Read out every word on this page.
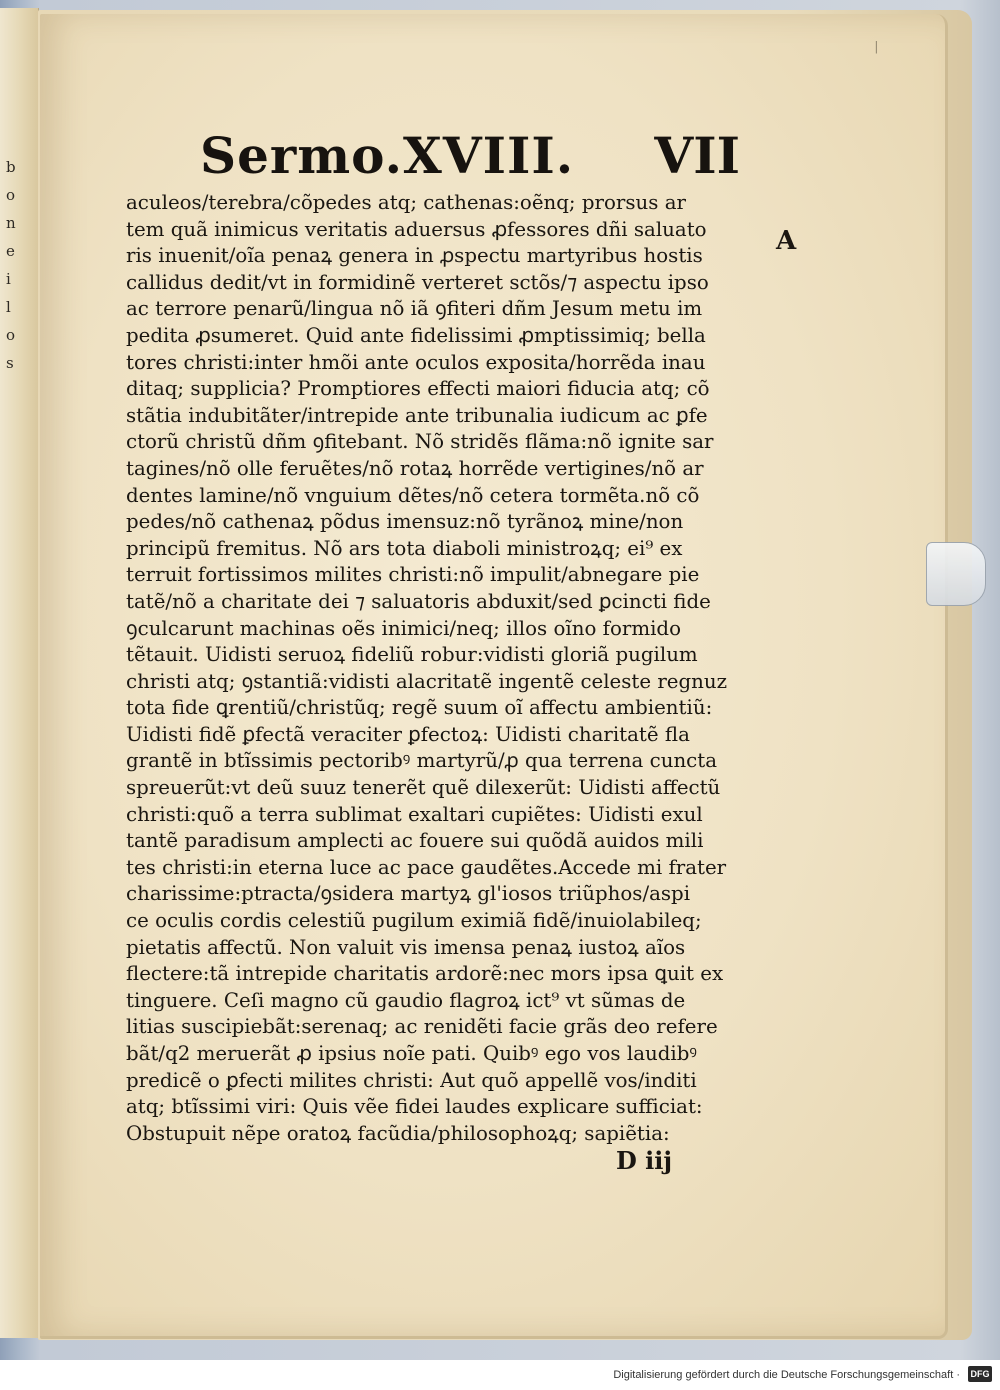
b
o
n
e
i
l
o
s
ᛁ
Sermo.XVIII. VII
A
aculeos/terebra/cõpedes atq; cathenas:oẽnq; prorsus ar
tem quã inimicus veritatis aduersus ꝓfessores dñi saluato
ris inuenit/oĩa penaꝝ genera in ꝓspectu martyribus hostis
callidus dedit/vt in formidinẽ verteret sctõs/⁊ aspectu ipso
ac terrore penarũ/lingua nõ iã ꝯfiteri dñm Jesum metu im
pedita ꝓsumeret. Quid ante fidelissimi ꝓmptissimiq; bella
tores christi:inter hmõi ante oculos exposita/horrẽda inau
ditaq; supplicia? Promptiores effecti maiori fiducia atq; cõ
stãtia indubitãter/intrepide ante tribunalia iudicum ac ꝑfe
ctorũ christũ dñm ꝯfitebant. Nõ stridẽs flãma:nõ ignite sar
tagines/nõ olle feruẽtes/nõ rotaꝝ horrẽde vertigines/nõ ar
dentes lamine/nõ vnguium dẽtes/nõ cetera tormẽta.nõ cõ
pedes/nõ cathenaꝝ põdus imensuz:nõ tyrãnoꝝ mine/non
principũ fremitus. Nõ ars tota diaboli ministroꝝq; ei⁹ ex
terruit fortissimos milites christi:nõ impulit/abnegare pie
tatẽ/nõ a charitate dei ⁊ saluatoris abduxit/sed ꝑcincti fide
ꝯculcarunt machinas oẽs inimici/neq; illos oĩno formido
tẽtauit. Uidisti seruoꝝ fideliũ robur:vidisti gloriã pugilum
christi atq; ꝯstantiã:vidisti alacritatẽ ingentẽ celeste regnuz
tota fide ꝗrentiũ/christũq; regẽ suum oĩ affectu ambientiũ:
Uidisti fidẽ ꝑfectã veraciter ꝑfectoꝝ: Uidisti charitatẽ fla
grantẽ in btĩssimis pectoribꝰ martyrũ/ꝓ qua terrena cuncta
spreuerũt:vt deũ suuz tenerẽt quẽ dilexerũt: Uidisti affectũ
christi:quõ a terra sublimat exaltari cupiẽtes: Uidisti exul
tantẽ paradisum amplecti ac fouere sui quõdã auidos mili
tes christi:in eterna luce ac pace gaudẽtes.Accede mi frater
charissime:ptracta/ꝯsidera martyꝝ gl'iosos triũphos/aspi
ce oculis cordis celestiũ pugilum eximiã fidẽ/inuiolabileq;
pietatis affectũ. Non valuit vis imensa penaꝝ iustoꝝ aĩos
flectere:tã intrepide charitatis ardorẽ:nec mors ipsa ꝗuit ex
tinguere. Ceſi magno cũ gaudio flagroꝝ ict⁹ vt sũmas de
litias suscipiebãt:serenaq; ac renidẽti facie grãs deo refere
bãt/q2 meruerãt ꝓ ipsius noĩe pati. Quibꝰ ego vos laudibꝰ
predicẽ o ꝑfecti milites christi: Aut quõ appellẽ vos/inditi
atq; btĩssimi viri: Quis vẽe fidei laudes explicare sufficiat:
Obstupuit nẽpe oratoꝝ facũdia/philosophoꝝq; sapiẽtia:
D iij
Digitalisierung gefördert durch die Deutsche Forschungsgemeinschaft · DFG
